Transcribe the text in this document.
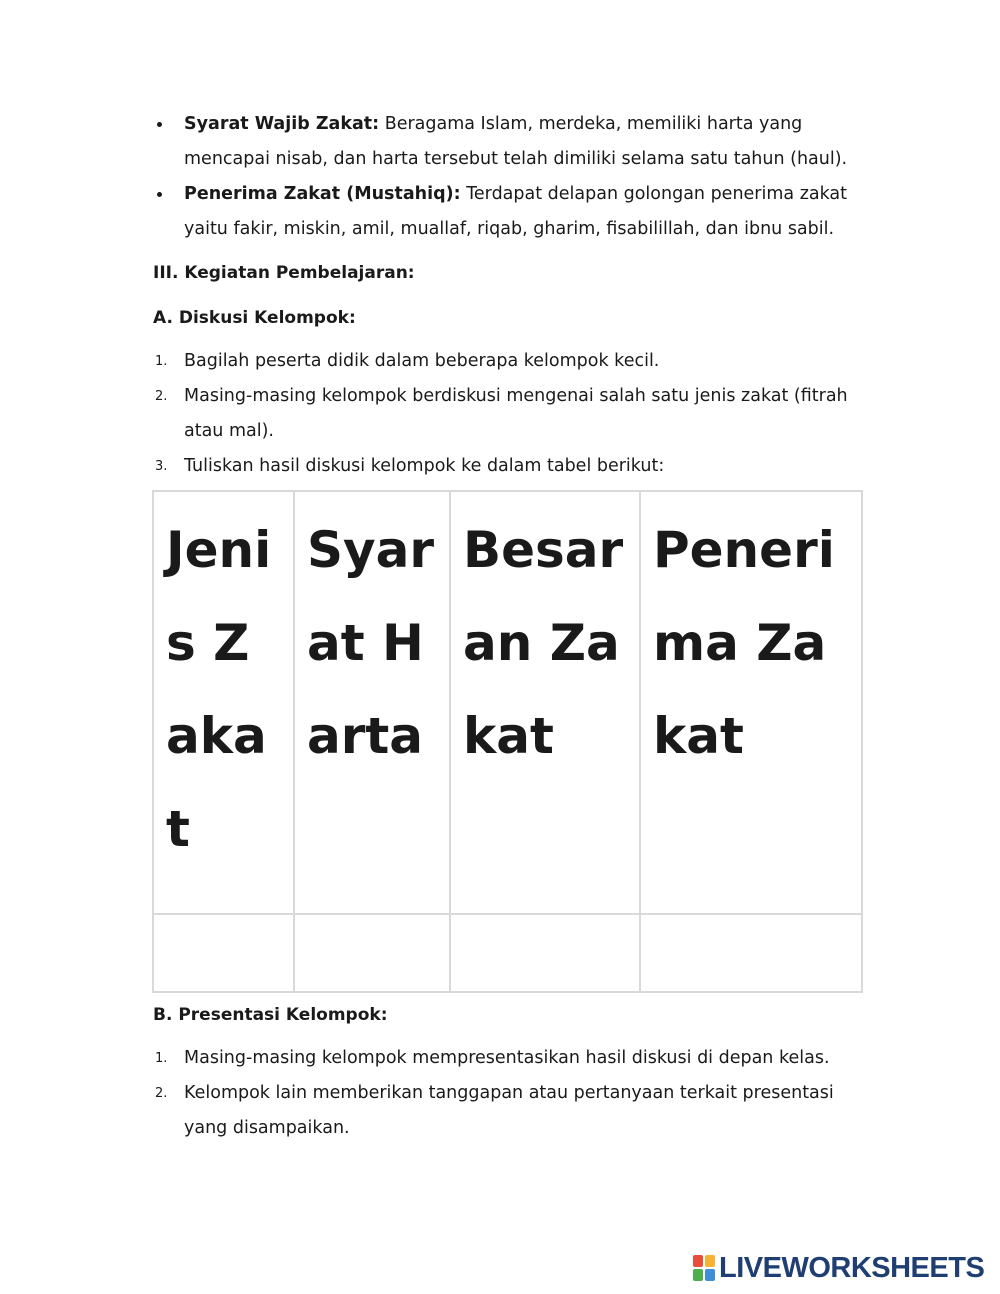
Syarat Wajib Zakat: Beragama Islam, merdeka, memiliki harta yang mencapai nisab, dan harta tersebut telah dimiliki selama satu tahun (haul).
Penerima Zakat (Mustahiq): Terdapat delapan golongan penerima zakat yaitu fakir, miskin, amil, muallaf, riqab, gharim, fisabilillah, dan ibnu sabil.
III. Kegiatan Pembelajaran:
A. Diskusi Kelompok:
1. Bagilah peserta didik dalam beberapa kelompok kecil.
2. Masing-masing kelompok berdiskusi mengenai salah satu jenis zakat (fitrah atau mal).
3. Tuliskan hasil diskusi kelompok ke dalam tabel berikut:
Jenis Zakat	Syarat Harta	Besaran Zakat	Penerima Zakat

B. Presentasi Kelompok:
1. Masing-masing kelompok mempresentasikan hasil diskusi di depan kelas.
2. Kelompok lain memberikan tanggapan atau pertanyaan terkait presentasi yang disampaikan.
LIVEWORKSHEETS
